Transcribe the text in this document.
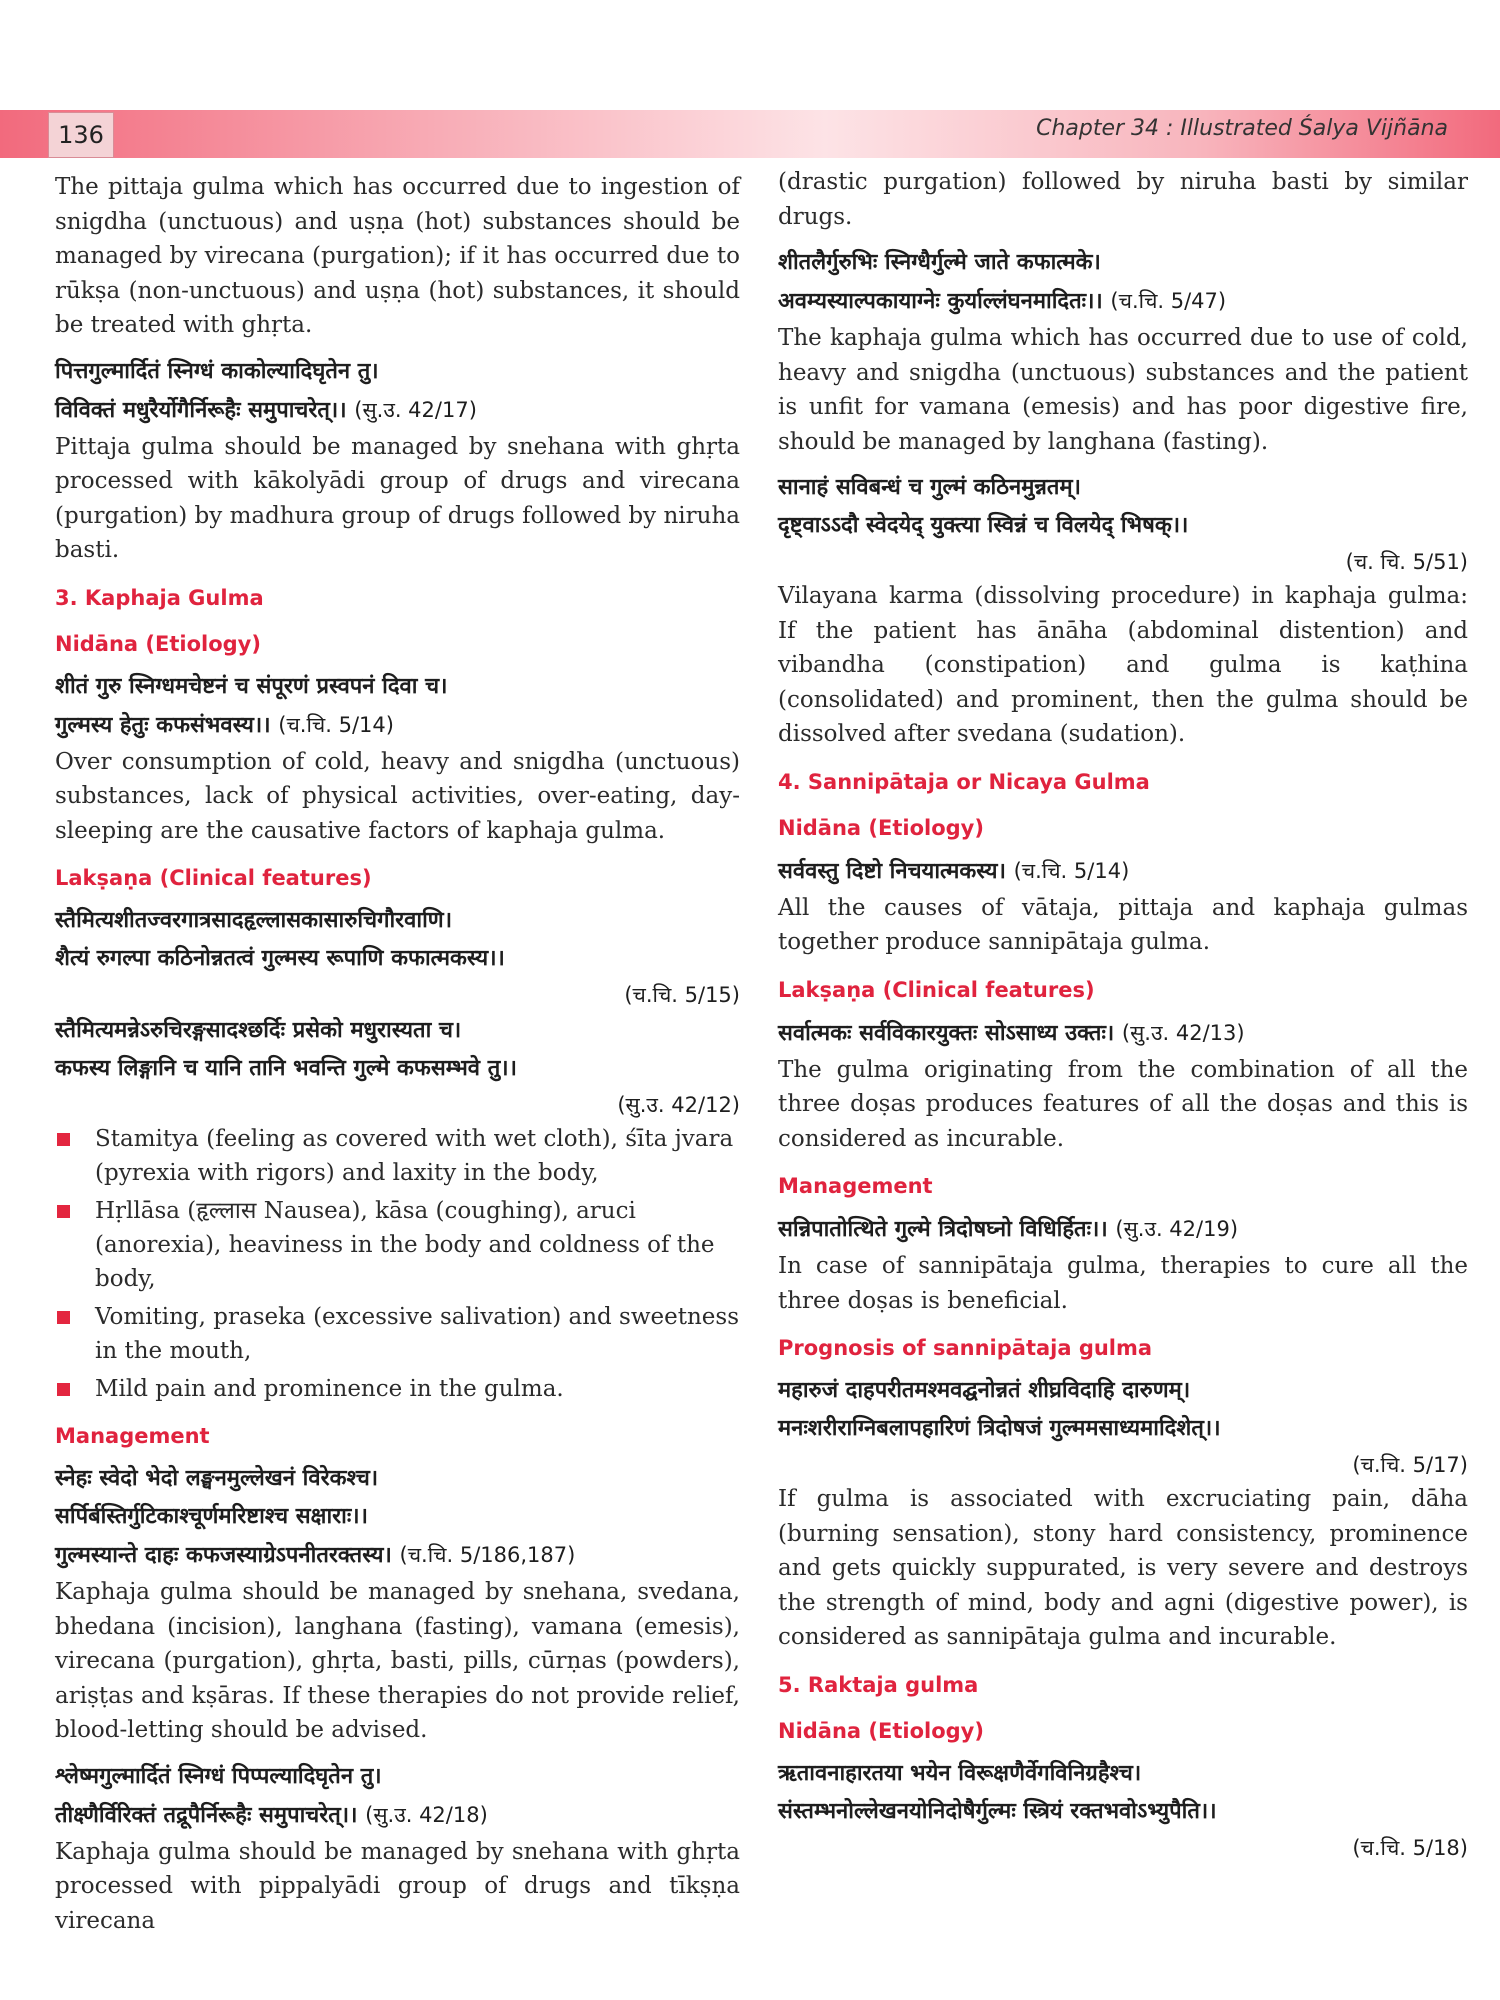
136	Chapter 34 : Illustrated Śalya Vijñāna

The pittaja gulma which has occurred due to ingestion of snigdha (unctuous) and uṣṇa (hot) substances should be managed by virecana (purgation); if it has occurred due to rūkṣa (non-unctuous) and uṣṇa (hot) substances, it should be treated with ghṛta.

पित्तगुल्मार्दितं स्निग्धं काकोल्यादिघृतेन तु।

विविक्तं मधुरैर्योगैर्निरूहैः समुपाचरेत्।। (सु.उ. 42/17)

Pittaja gulma should be managed by snehana with ghṛta processed with kākolyādi group of drugs and virecana (purgation) by madhura group of drugs followed by niruha basti.

3. Kaphaja Gulma
Nidāna (Etiology)

शीतं गुरु स्निग्धमचेष्टनं च संपूरणं प्रस्वपनं दिवा च।

गुल्मस्य हेतुः कफसंभवस्य।। (च.चि. 5/14)

Over consumption of cold, heavy and snigdha (unctuous) substances, lack of physical activities, over-eating, day-sleeping are the causative factors of kaphaja gulma.

Lakṣaṇa (Clinical features)

स्तैमित्यशीतज्वरगात्रसादहृल्लासकासारुचिगौरवाणि।

शैत्यं रुगल्पा कठिनोन्नतत्वं गुल्मस्य रूपाणि कफात्मकस्य।।

(च.चि. 5/15)

स्तैमित्यमन्नेऽरुचिरङ्गसादश्छर्दिः प्रसेको मधुरास्यता च।

कफस्य लिङ्गानि च यानि तानि भवन्ति गुल्मे कफसम्भवे तु।।

(सु.उ. 42/12)

Stamitya (feeling as covered with wet cloth), śīta jvara (pyrexia with rigors) and laxity in the body,
Hṛllāsa (हृल्लास Nausea), kāsa (coughing), aruci (anorexia), heaviness in the body and coldness of the body,
Vomiting, praseka (excessive salivation) and sweetness in the mouth,
Mild pain and prominence in the gulma.
Management

स्नेहः स्वेदो भेदो लङ्घनमुल्लेखनं विरेकश्च।

सर्पिर्बस्तिर्गुटिकाश्चूर्णमरिष्टाश्च सक्षाराः।।

गुल्मस्यान्ते दाहः कफजस्याग्रेऽपनीतरक्तस्य। (च.चि. 5/186,187)

Kaphaja gulma should be managed by snehana, svedana, bhedana (incision), langhana (fasting), vamana (emesis), virecana (purgation), ghṛta, basti, pills, cūrṇas (powders), ariṣṭas and kṣāras. If these therapies do not provide relief, blood-letting should be advised.

श्लेष्मगुल्मार्दितं स्निग्धं पिप्पल्यादिघृतेन तु।

तीक्ष्णैर्विरिक्तं तद्रूपैर्निरूहैः समुपाचरेत्।। (सु.उ. 42/18)

Kaphaja gulma should be managed by snehana with ghṛta processed with pippalyādi group of drugs and tīkṣṇa virecana

(drastic purgation) followed by niruha basti by similar drugs.

शीतलैर्गुरुभिः स्निग्धैर्गुल्मे जाते कफात्मके।

अवम्यस्याल्पकायाग्नेः कुर्याल्लंघनमादितः।। (च.चि. 5/47)

The kaphaja gulma which has occurred due to use of cold, heavy and snigdha (unctuous) substances and the patient is unfit for vamana (emesis) and has poor digestive fire, should be managed by langhana (fasting).

सानाहं सविबन्धं च गुल्मं कठिनमुन्नतम्।

दृष्ट्वाऽऽदौ स्वेदयेद् युक्त्या स्विन्नं च विलयेद् भिषक्।।

(च. चि. 5/51)

Vilayana karma (dissolving procedure) in kaphaja gulma: If the patient has ānāha (abdominal distention) and vibandha (constipation) and gulma is kaṭhina (consolidated) and prominent, then the gulma should be dissolved after svedana (sudation).

4. Sannipātaja or Nicaya Gulma
Nidāna (Etiology)

सर्ववस्तु दिष्टो निचयात्मकस्य। (च.चि. 5/14)

All the causes of vātaja, pittaja and kaphaja gulmas together produce sannipātaja gulma.

Lakṣaṇa (Clinical features)

सर्वात्मकः सर्वविकारयुक्तः सोऽसाध्य उक्तः। (सु.उ. 42/13)

The gulma originating from the combination of all the three doṣas produces features of all the doṣas and this is considered as incurable.

Management

सन्निपातोत्थिते गुल्मे त्रिदोषघ्नो विधिर्हितः।। (सु.उ. 42/19)

In case of sannipātaja gulma, therapies to cure all the three doṣas is beneficial.

Prognosis of sannipātaja gulma

महारुजं दाहपरीतमश्मवद्घनोन्नतं शीघ्रविदाहि दारुणम्।

मनःशरीराग्निबलापहारिणं त्रिदोषजं गुल्ममसाध्यमादिशेत्।।

(च.चि. 5/17)

If gulma is associated with excruciating pain, dāha (burning sensation), stony hard consistency, prominence and gets quickly suppurated, is very severe and destroys the strength of mind, body and agni (digestive power), is considered as sannipātaja gulma and incurable.

5. Raktaja gulma
Nidāna (Etiology)

ऋतावनाहारतया भयेन विरूक्षणैर्वेगविनिग्रहैश्च।

संस्तम्भनोल्लेखनयोनिदोषैर्गुल्मः स्त्रियं रक्तभवोऽभ्युपैति।।

(च.चि. 5/18)
